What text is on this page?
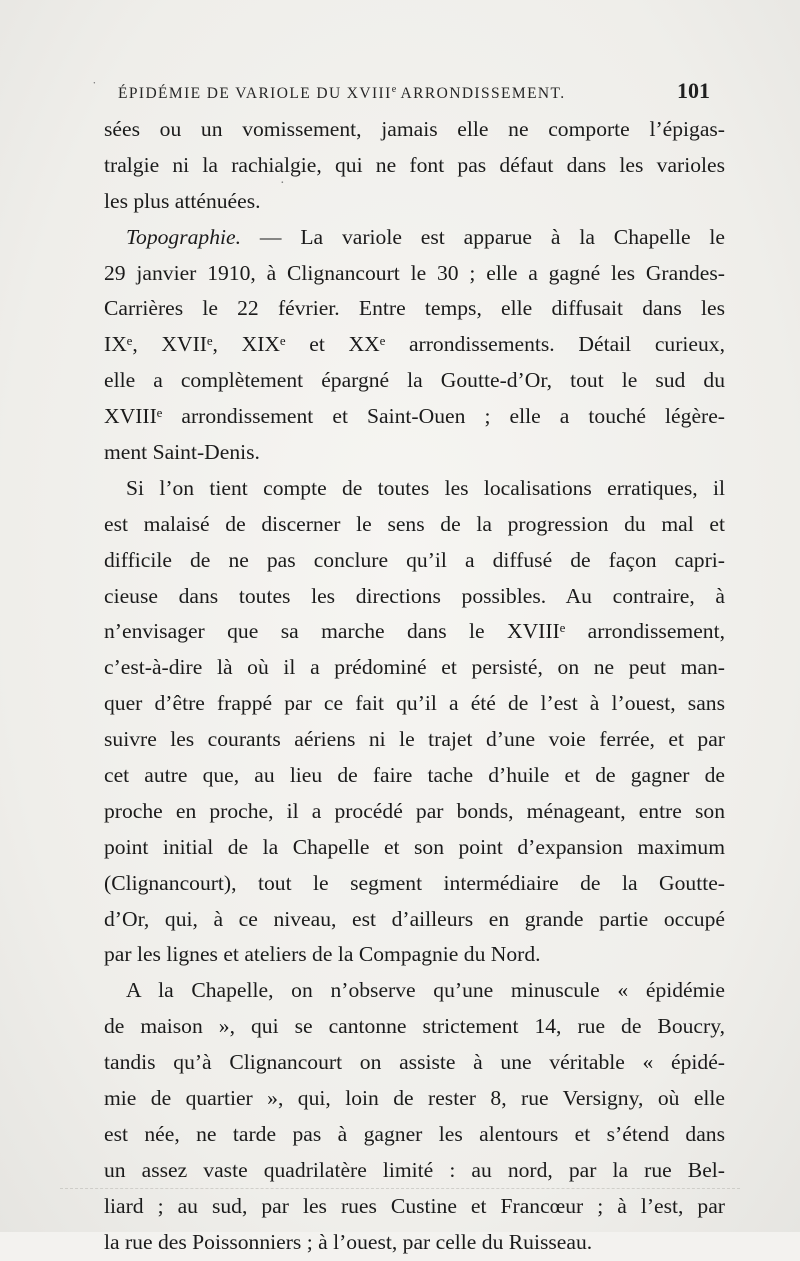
ÉPIDÉMIE DE VARIOLE DU XVIIIe ARRONDISSEMENT.	101
sées ou un vomissement, jamais elle ne comporte l’épigas-
tralgie ni la rachialgie, qui ne font pas défaut dans les varioles
les plus atténuées.
Topographie. — La variole est apparue à la Chapelle le
29 janvier 1910, à Clignancourt le 30 ; elle a gagné les Grandes-
Carrières le 22 février. Entre temps, elle diffusait dans les
IXᵉ, XVIIᵉ, XIXᵉ et XXᵉ arrondissements. Détail curieux,
elle a complètement épargné la Goutte-d’Or, tout le sud du
XVIIIᵉ arrondissement et Saint-Ouen ; elle a touché légère-
ment Saint-Denis.
Si l’on tient compte de toutes les localisations erratiques, il
est malaisé de discerner le sens de la progression du mal et
difficile de ne pas conclure qu’il a diffusé de façon capri-
cieuse dans toutes les directions possibles. Au contraire, à
n’envisager que sa marche dans le XVIIIᵉ arrondissement,
c’est-à-dire là où il a prédominé et persisté, on ne peut man-
quer d’être frappé par ce fait qu’il a été de l’est à l’ouest, sans
suivre les courants aériens ni le trajet d’une voie ferrée, et par
cet autre que, au lieu de faire tache d’huile et de gagner de
proche en proche, il a procédé par bonds, ménageant, entre son
point initial de la Chapelle et son point d’expansion maximum
(Clignancourt), tout le segment intermédiaire de la Goutte-
d’Or, qui, à ce niveau, est d’ailleurs en grande partie occupé
par les lignes et ateliers de la Compagnie du Nord.
A la Chapelle, on n’observe qu’une minuscule « épidémie
de maison », qui se cantonne strictement 14, rue de Boucry,
tandis qu’à Clignancourt on assiste à une véritable « épidé-
mie de quartier », qui, loin de rester 8, rue Versigny, où elle
est née, ne tarde pas à gagner les alentours et s’étend dans
un assez vaste quadrilatère limité : au nord, par la rue Bel-
liard ; au sud, par les rues Custine et Francœur ; à l’est, par
la rue des Poissonniers ; à l’ouest, par celle du Ruisseau.
˙
·
